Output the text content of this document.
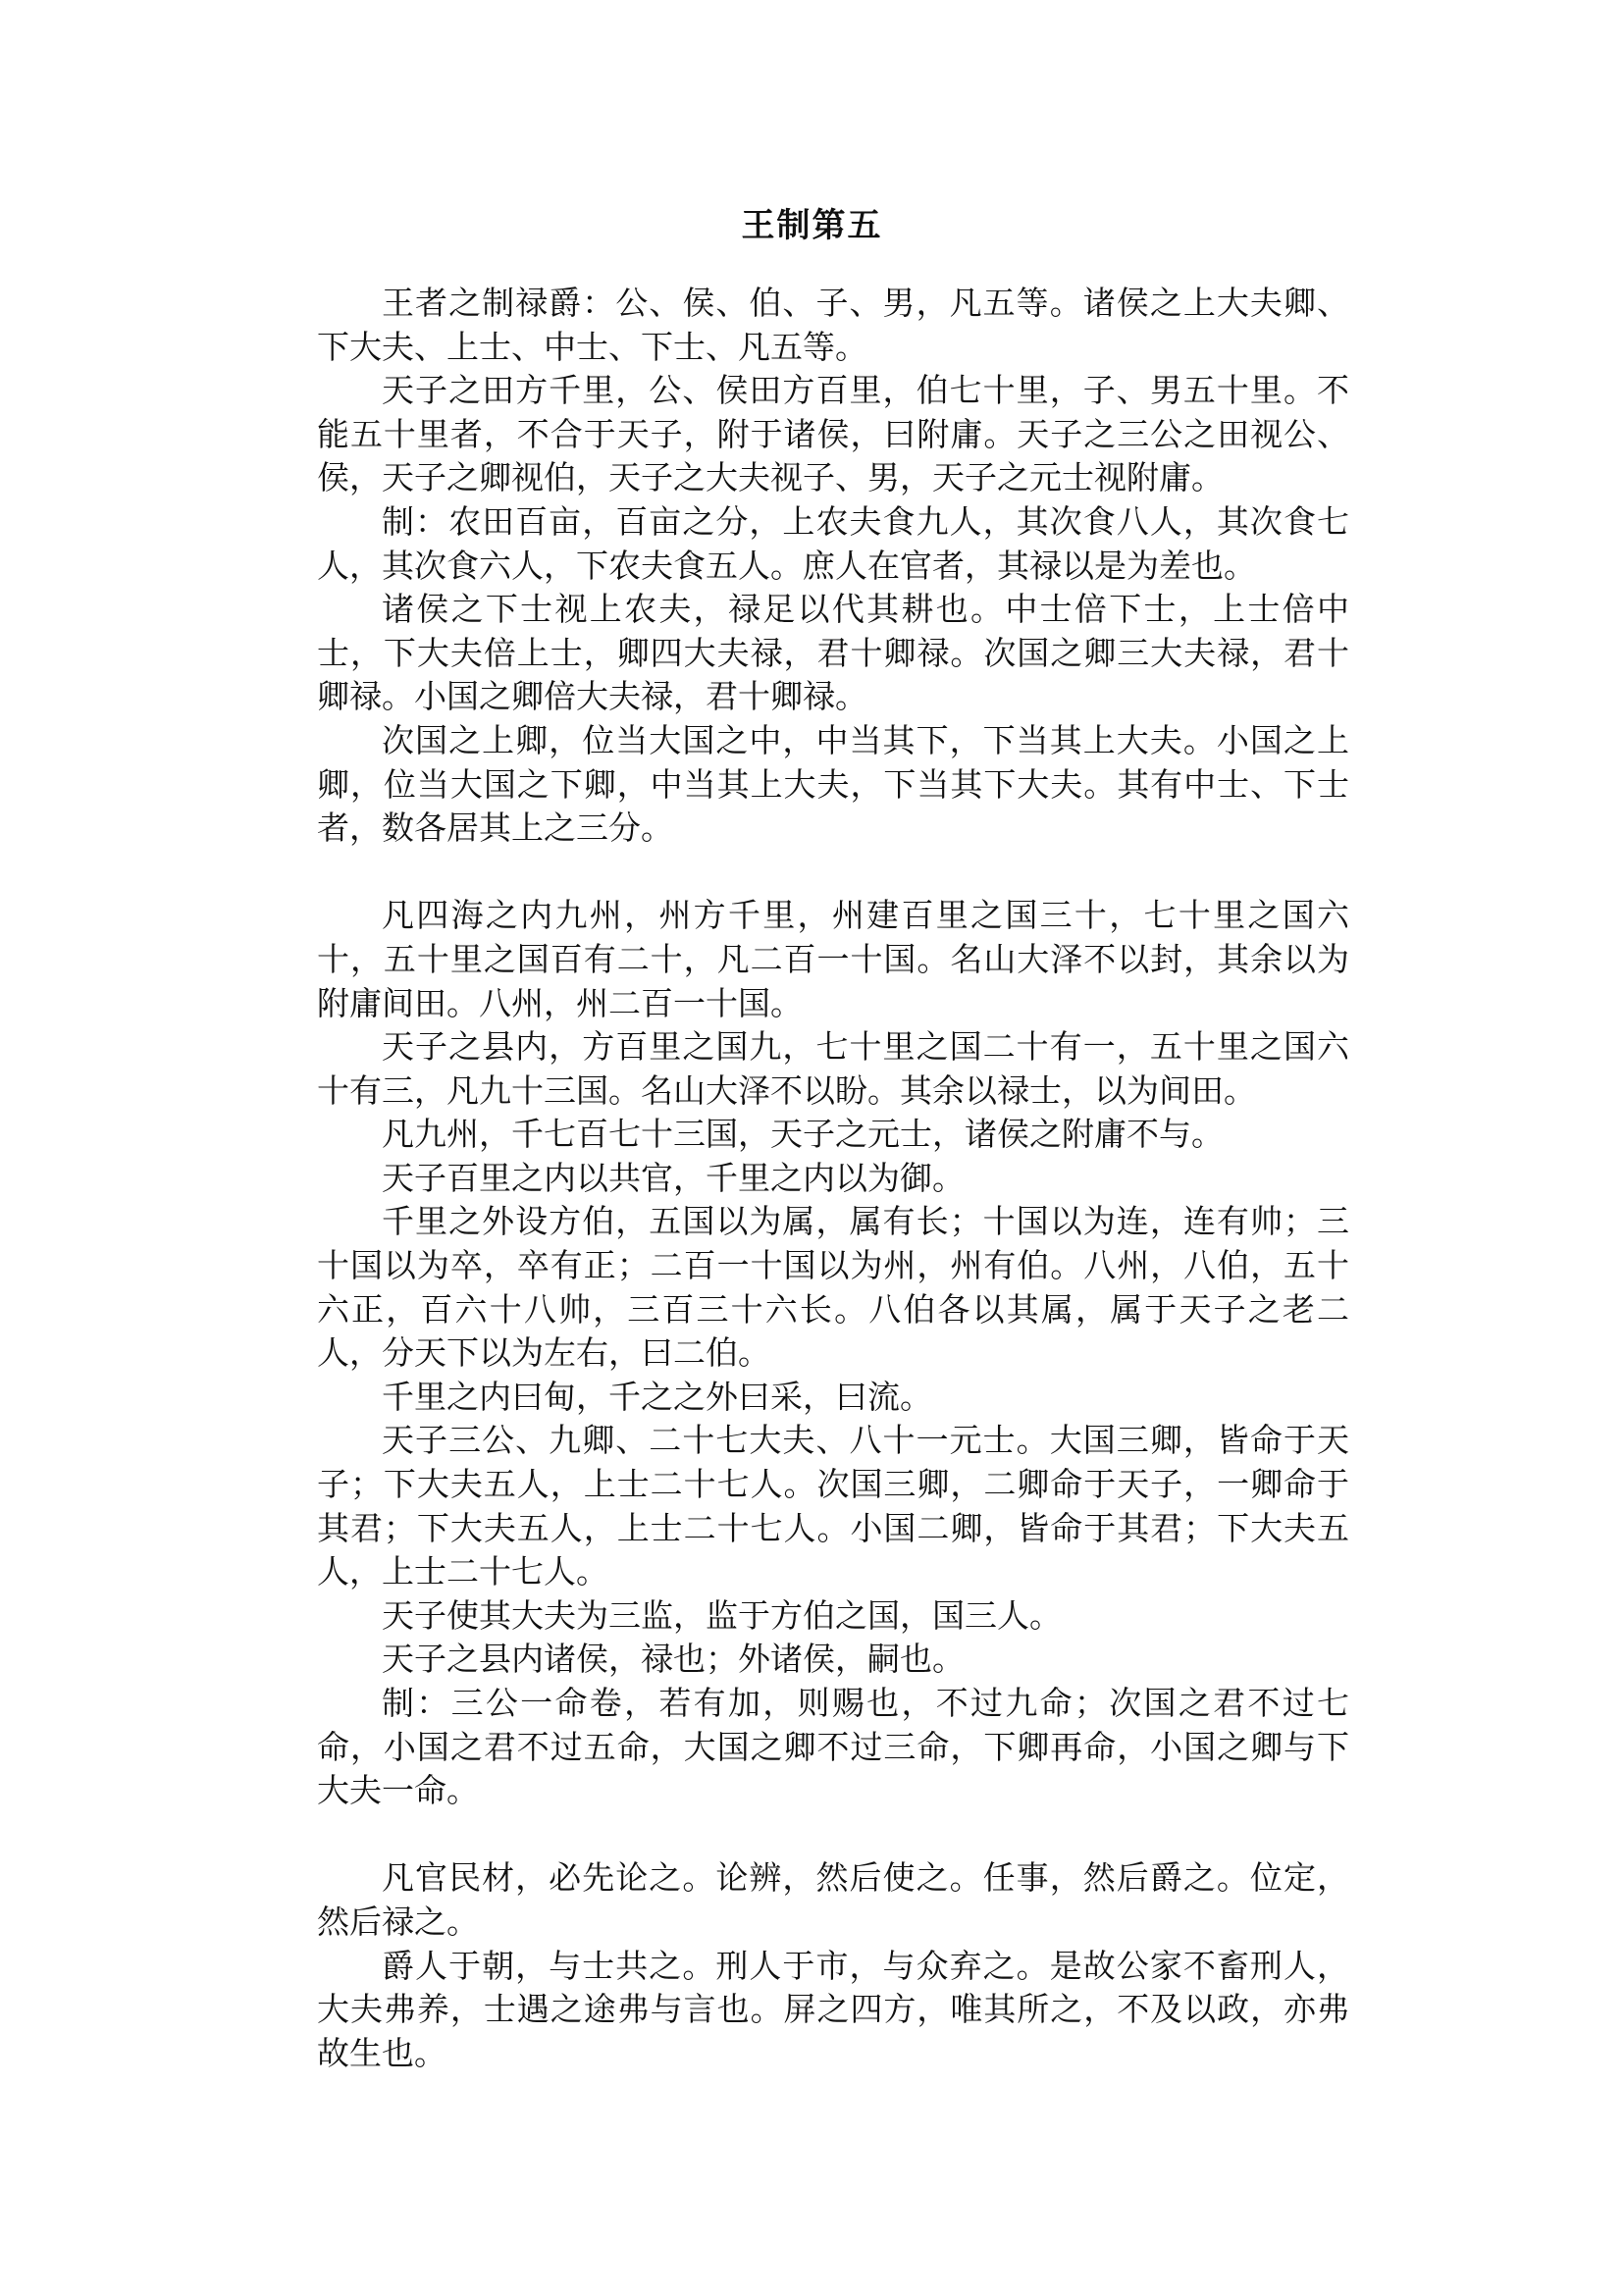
王制第五

王者之制禄爵：公、侯、伯、子、男，凡五等。诸侯之上大夫卿、下大夫、上士、中士、下士、凡五等。

天子之田方千里，公、侯田方百里，伯七十里，子、男五十里。不能五十里者，不合于天子，附于诸侯，曰附庸。天子之三公之田视公、侯，天子之卿视伯，天子之大夫视子、男，天子之元士视附庸。

制：农田百亩，百亩之分，上农夫食九人，其次食八人，其次食七人，其次食六人，下农夫食五人。庶人在官者，其禄以是为差也。

诸侯之下士视上农夫，禄足以代其耕也。中士倍下士，上士倍中士，下大夫倍上士，卿四大夫禄，君十卿禄。次国之卿三大夫禄，君十卿禄。小国之卿倍大夫禄，君十卿禄。

次国之上卿，位当大国之中，中当其下，下当其上大夫。小国之上卿，位当大国之下卿，中当其上大夫，下当其下大夫。其有中士、下士者，数各居其上之三分。

凡四海之内九州，州方千里，州建百里之国三十，七十里之国六十，五十里之国百有二十，凡二百一十国。名山大泽不以封，其余以为附庸间田。八州，州二百一十国。

天子之县内，方百里之国九，七十里之国二十有一，五十里之国六十有三，凡九十三国。名山大泽不以盼。其余以禄士，以为间田。

凡九州，千七百七十三国，天子之元士，诸侯之附庸不与。

天子百里之内以共官，千里之内以为御。

千里之外设方伯，五国以为属，属有长；十国以为连，连有帅；三十国以为卒，卒有正；二百一十国以为州，州有伯。八州，八伯，五十六正，百六十八帅，三百三十六长。八伯各以其属，属于天子之老二人，分天下以为左右，曰二伯。

千里之内曰甸，千之之外曰采，曰流。

天子三公、九卿、二十七大夫、八十一元士。大国三卿，皆命于天子；下大夫五人，上士二十七人。次国三卿，二卿命于天子，一卿命于其君；下大夫五人，上士二十七人。小国二卿，皆命于其君；下大夫五人，上士二十七人。

天子使其大夫为三监，监于方伯之国，国三人。

天子之县内诸侯，禄也；外诸侯，嗣也。

制：三公一命卷，若有加，则赐也，不过九命；次国之君不过七命，小国之君不过五命，大国之卿不过三命，下卿再命，小国之卿与下大夫一命。

凡官民材，必先论之。论辨，然后使之。任事，然后爵之。位定，然后禄之。

爵人于朝，与士共之。刑人于市，与众弃之。是故公家不畜刑人，大夫弗养，士遇之途弗与言也。屏之四方，唯其所之，不及以政，亦弗故生也。
